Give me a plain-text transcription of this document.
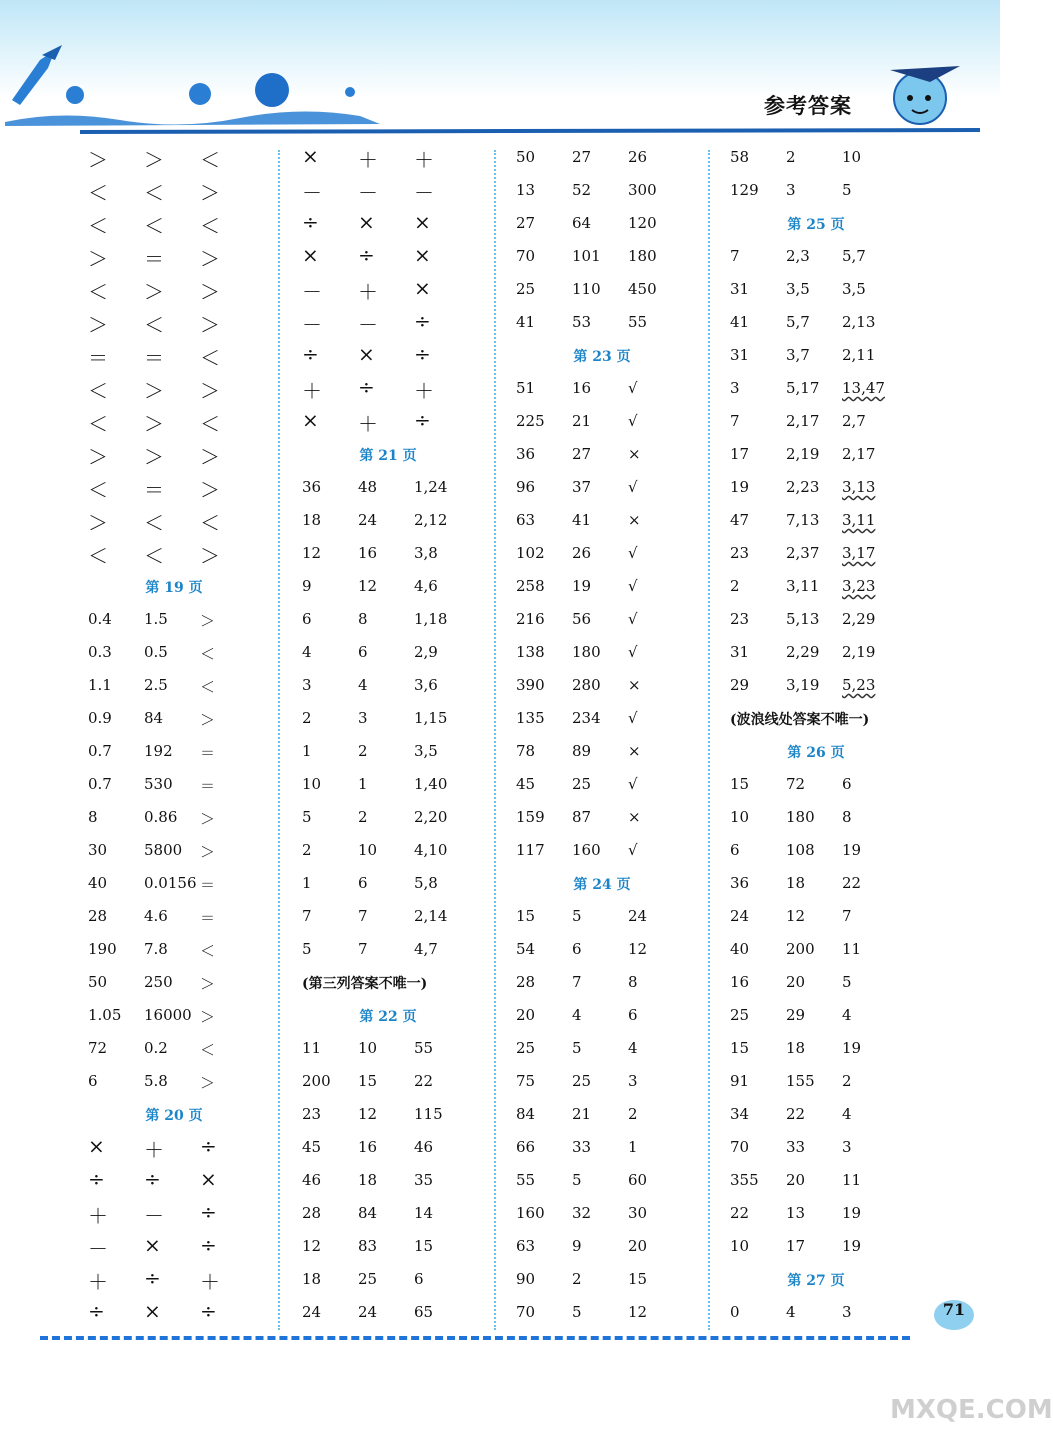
参考答案
＞ ＞ ＜
＜ ＜ ＞
＜ ＜ ＜
＞ ＝ ＞
＜ ＞ ＞
＞ ＜ ＞
＝ ＝ ＜
＜ ＞ ＞
＜ ＞ ＜
＞ ＞ ＞
＜ ＝ ＞
＞ ＜ ＜
＜ ＜ ＞
第 19 页
0.4 1.5 ＞
0.3 0.5 ＜
1.1 2.5 ＜
0.9 84 ＞
0.7 192 ＝
0.7 530 ＝
8	0.86 ＞
30 5800 ＞
40 0.0156 ＝
28 4.6 ＝
190 7.8 ＜
50 250 ＞
1.05 16000 ＞
72 0.2 ＜
6	5.8 ＞
第 20 页
× ＋ ÷
÷ ÷ ×
＋ － ÷
－ × ÷
＋ ÷ ＋
÷ × ÷
× ＋ ＋
－ － －
÷ × ×
× ÷ ×
－ ＋ ×
－ － ÷
÷ × ÷
＋ ÷ ＋
× ＋ ÷
第 21 页
36 48 1,24
18 24 2,12
12 16 3,8
9	12 4,6
6	8	1,18
4	6	2,9
3	4	3,6
2	3	1,15
1	2	3,5
10 1	1,40
5	2	2,20
2	10 4,10
1	6	5,8
7	7	2,14
5	7	4,7
(第三列答案不唯一)
第 22 页
11 10 55
200 15 22
23 12 115
45 16 46
46 18 35
28 84 14
12 83 15
18 25 6
24 24 65
50 27 26
13 52 300
27 64 120
70 101 180
25 110 450
41 53 55
第 23 页
51 16 √
225 21 √
36 27 ×
96 37 √
63 41 ×
102 26 √
258 19 √
216 56 √
138 180 √
390 280 ×
135 234 √
78 89 ×
45 25 √
159 87 ×
117 160 √
第 24 页
15 5	24
54 6	12
28 7	8
20 4	6
25 5	4
75 25 3
84 21 2
66 33 1
55 5	60
160 32 30
63 9	20
90 2	15
70 5	12
58 2	10
129 3	5
第 25 页
7	2,3 5,7
31 3,5 3,5
41 5,7 2,13
31 3,7 2,11
3	5,17 13,47
7	2,17 2,7
17 2,19 2,17
19 2,23 3,13
47 7,13 3,11
23 2,37 3,17
2	3,11 3,23
23 5,13 2,29
31 2,29 2,19
29 3,19 5,23
(波浪线处答案不唯一)
第 26 页
15 72 6
10 180 8
6	108 19
36 18 22
24 12 7
40 200 11
16 20 5
25 29 4
15 18 19
91 155 2
34 22 4
70 33 3
355 20 11
22 13 19
10 17 19
第 27 页
0	4	3	71
MXQE.COM
